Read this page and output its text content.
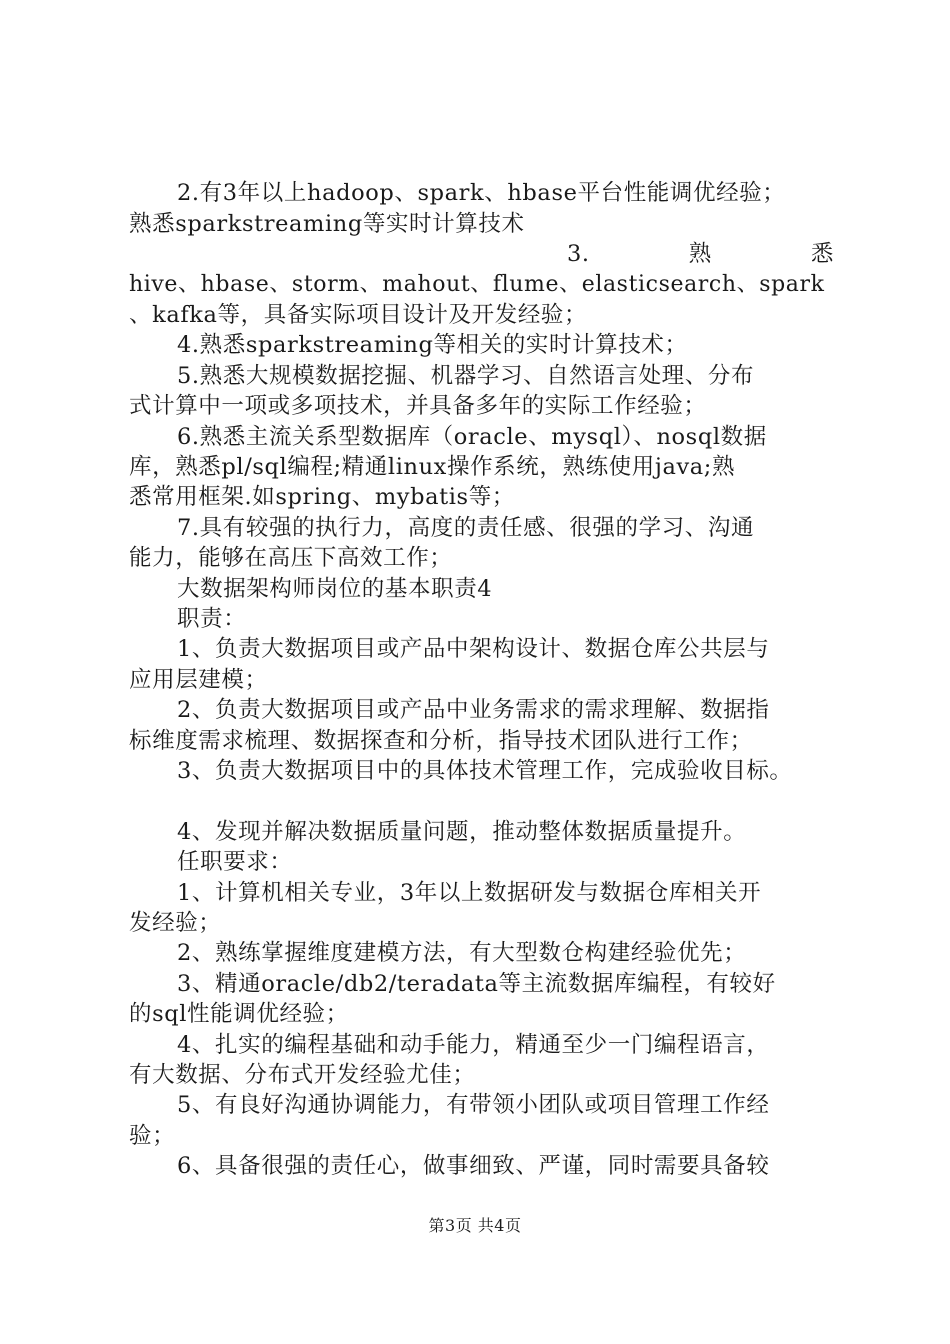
2.有3年以上hadoop、spark、hbase平台性能调优经验；
熟悉sparkstreaming等实时计算技术
3.	熟	悉
hive、hbase、storm、mahout、flume、elasticsearch、spark
、kafka等，具备实际项目设计及开发经验；
4.熟悉sparkstreaming等相关的实时计算技术；
5.熟悉大规模数据挖掘、机器学习、自然语言处理、分布
式计算中一项或多项技术，并具备多年的实际工作经验；
6.熟悉主流关系型数据库（oracle、mysql）、nosql数据
库，熟悉pl/sql编程;精通linux操作系统，熟练使用java;熟
悉常用框架.如spring、mybatis等；
7.具有较强的执行力，高度的责任感、很强的学习、沟通
能力，能够在高压下高效工作；
大数据架构师岗位的基本职责4
职责：
1、负责大数据项目或产品中架构设计、数据仓库公共层与
应用层建模；
2、负责大数据项目或产品中业务需求的需求理解、数据指
标维度需求梳理、数据探查和分析，指导技术团队进行工作；
3、负责大数据项目中的具体技术管理工作，完成验收目标。
4、发现并解决数据质量问题，推动整体数据质量提升。
任职要求：
1、计算机相关专业，3年以上数据研发与数据仓库相关开
发经验；
2、熟练掌握维度建模方法，有大型数仓构建经验优先；
3、精通oracle/db2/teradata等主流数据库编程，有较好
的sql性能调优经验；
4、扎实的编程基础和动手能力，精通至少一门编程语言，
有大数据、分布式开发经验尤佳；
5、有良好沟通协调能力，有带领小团队或项目管理工作经
验；
6、具备很强的责任心，做事细致、严谨，同时需要具备较
第3页 共4页
